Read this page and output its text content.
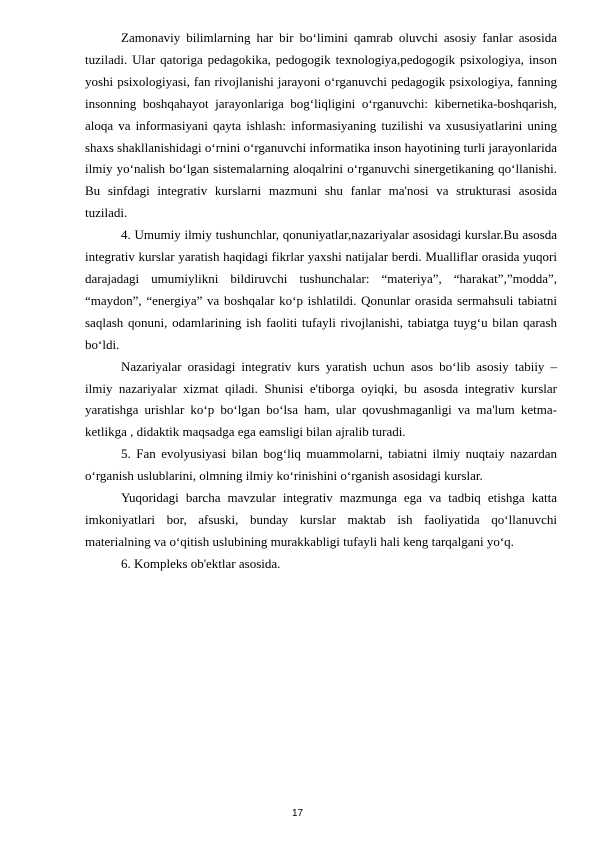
Zamonaviy bilimlarning har bir bo‘limini qamrab oluvchi asosiy fanlar asosida tuziladi. Ular qatoriga pedagokika, pedogogik texnologiya,pedogogik psixologiya, inson yoshi psixologiyasi, fan rivojlanishi jarayoni o‘rganuvchi pedagogik psixologiya, fanning insonning boshqahayot jarayonlariga bog‘liqligini o‘rganuvchi: kibernetika-boshqarish, aloqa va informasiyani qayta ishlash: informasiyaning tuzilishi va xususiyatlarini uning shaxs shakllanishidagi o‘rnini o‘rganuvchi informatika inson hayotining turli jarayonlarida ilmiy yo‘nalish bo‘lgan sistemalarning aloqalrini o‘rganuvchi sinergetikaning qo‘llanishi. Bu sinfdagi integrativ kurslarni mazmuni shu fanlar ma'nosi va strukturasi asosida tuziladi.

4. Umumiy ilmiy tushunchlar, qonuniyatlar,nazariyalar asosidagi kurslar.Bu asosda integrativ kurslar yaratish haqidagi fikrlar yaxshi natijalar berdi. Mualliflar orasida yuqori darajadagi umumiylikni bildiruvchi tushunchalar: “materiya”, “harakat”,”modda”, “maydon”, “energiya” va boshqalar ko‘p ishlatildi. Qonunlar orasida sermahsuli tabiatni saqlash qonuni, odamlarining ish faoliti tufayli rivojlanishi, tabiatga tuyg‘u bilan qarash bo‘ldi.

Nazariyalar orasidagi integrativ kurs yaratish uchun asos bo‘lib asosiy tabiiy – ilmiy nazariyalar xizmat qiladi. Shunisi e'tiborga oyiqki, bu asosda integrativ kurslar yaratishga urishlar ko‘p bo‘lgan bo‘lsa ham, ular qovushmaganligi va ma'lum ketma-ketlikga , didaktik maqsadga ega eamsligi bilan ajralib turadi.

5. Fan evolyusiyasi bilan bog‘liq muammolarni, tabiatni ilmiy nuqtaiy nazardan o‘rganish uslublarini, olmning ilmiy ko‘rinishini o‘rganish asosidagi kurslar.

Yuqoridagi barcha mavzular integrativ mazmunga ega va tadbiq etishga katta imkoniyatlari bor, afsuski, bunday kurslar maktab ish faoliyatida qo‘llanuvchi materialning va o‘qitish uslubining murakkabligi tufayli hali keng tarqalgani yo‘q.

6. Kompleks ob'ektlar asosida.

17
